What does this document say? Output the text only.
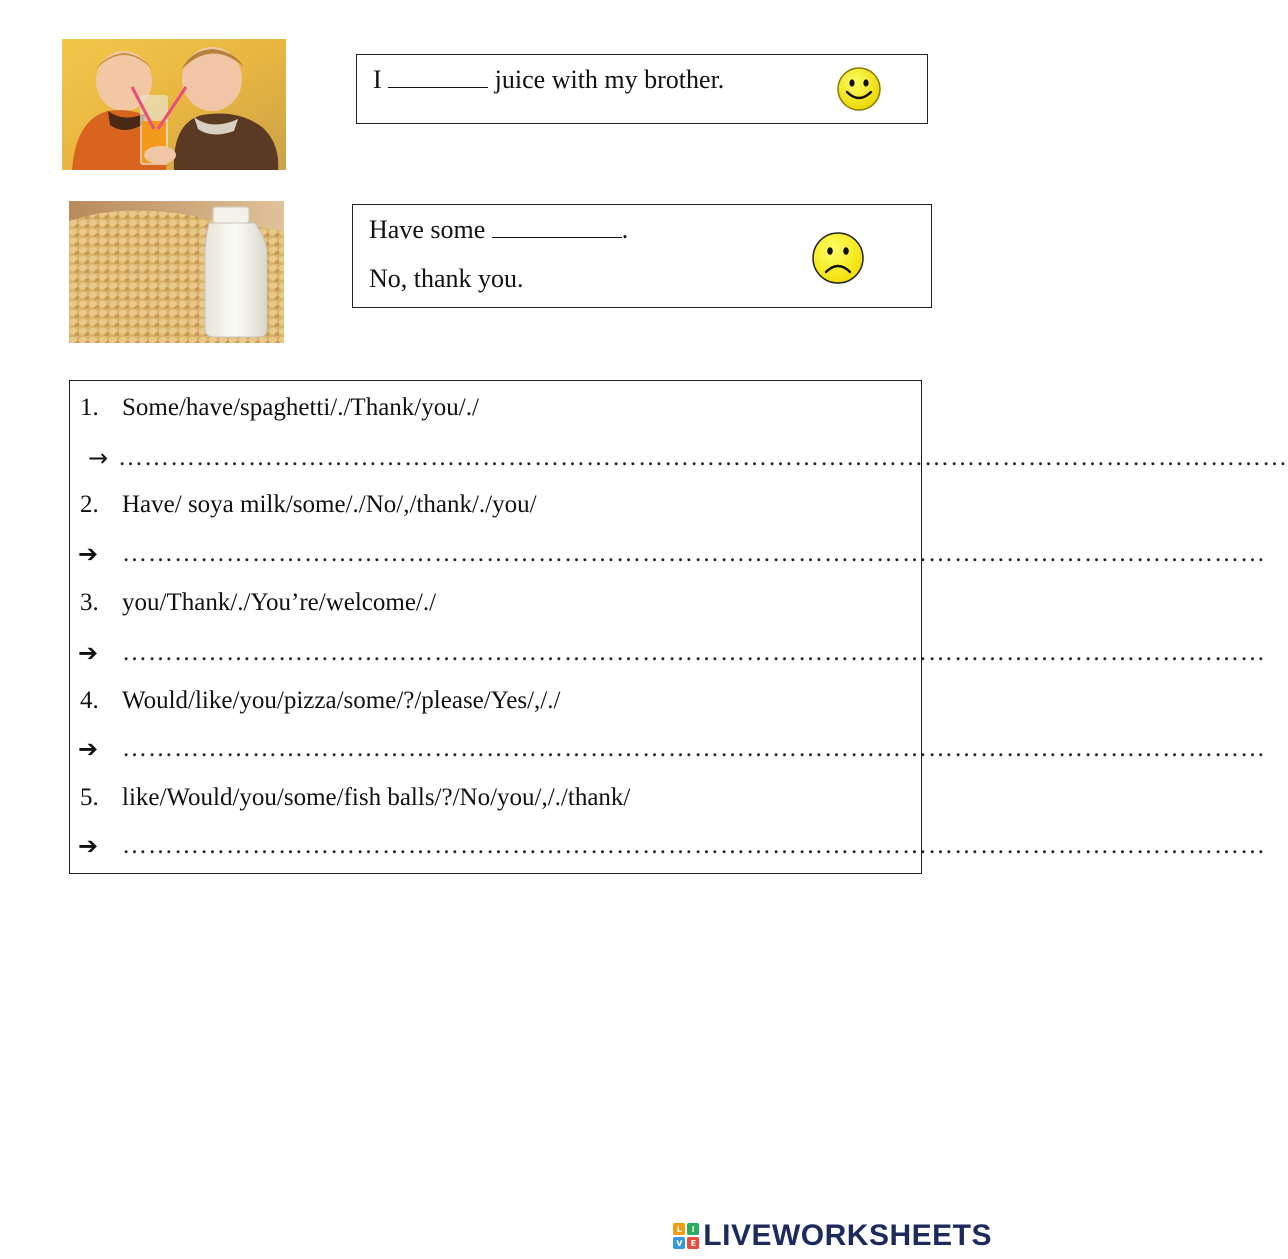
I	juice with my brother.
Have some	.
No, thank you.
1. Some/have/spaghetti/./Thank/you/./
→ ………………………………………………………………………………………………………………………
2. Have/ soya milk/some/./No/,/thank/./you/
➔ ……………………………………………………………………………………………………………………
3. you/Thank/./You’re/welcome/./
➔ ……………………………………………………………………………………………………………………
4. Would/like/you/pizza/some/?/please/Yes/,/./
➔ ……………………………………………………………………………………………………………………
5. like/Would/you/some/fish balls/?/No/you/,/./thank/
➔ ……………………………………………………………………………………………………………………
L	I
V	E LIVEWORKSHEETS
